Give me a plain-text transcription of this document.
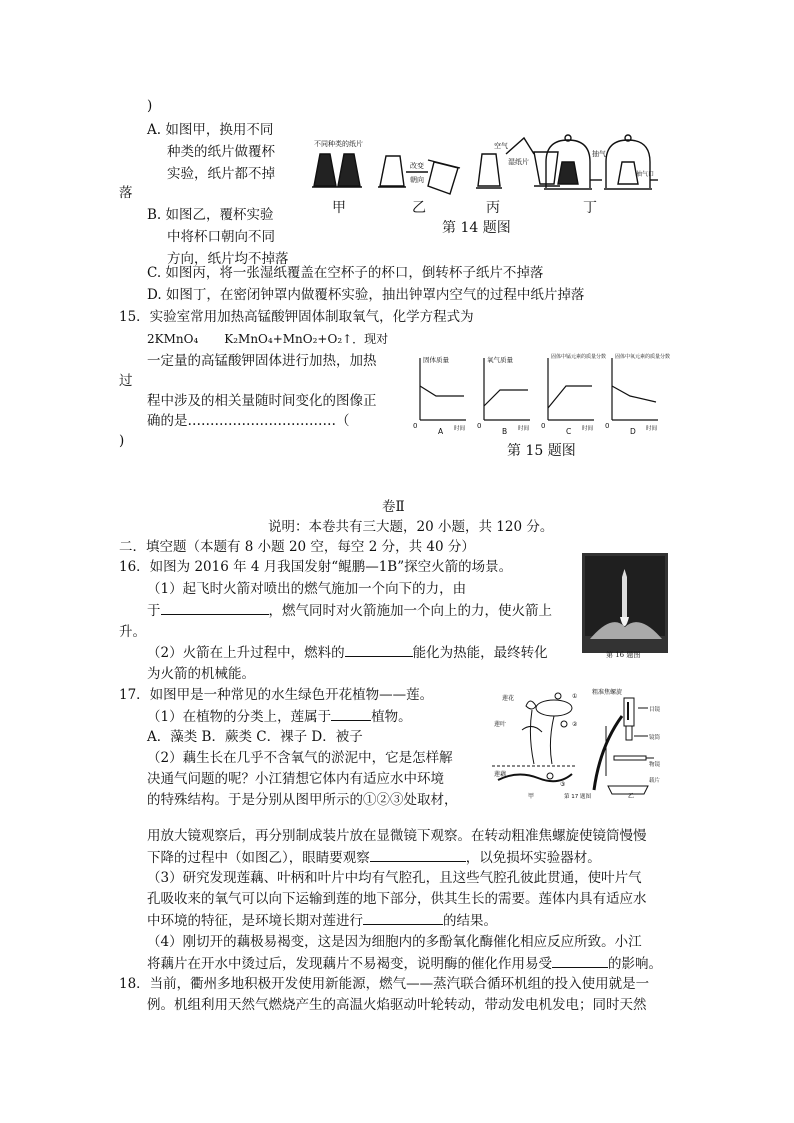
)
A. 如图甲，换用不同
种类的纸片做覆杯
实验，纸片都不掉
落
B. 如图乙，覆杯实验
中将杯口朝向不同
方向，纸片均不掉落
C. 如图丙，将一张湿纸覆盖在空杯子的杯口，倒转杯子纸片不掉落
D. 如图丁，在密闭钟罩内做覆杯实验，抽出钟罩内空气的过程中纸片掉落
不同种类的纸片
改变
朝向
空气
湿纸片
抽气
抽气口
甲	乙	丙	丁
第 14 题图
15．实验室常用加热高锰酸钾固体制取氧气，化学方程式为
2KMnO₄ K₂MnO₄+MnO₂+O₂↑．现对
一定量的高锰酸钾固体进行加热，加热
过
程中涉及的相关量随时间变化的图像正
确的是……………………………（
)
固体质量	氧气质量	固体中锰元素的质量分数 固体中氧元素的质量分数
0	0	0	0
A	B	C	D
时间	时间	时间	时间
第 15 题图
卷Ⅱ
说明：本卷共有三大题，20 小题，共 120 分。
二．填空题（本题有 8 小题 20 空，每空 2 分，共 40 分）
16．如图为 2016 年 4 月我国发射“鲲鹏—1B”探空火箭的场景。
（1）起飞时火箭对喷出的燃气施加一个向下的力，由
于	，燃气同时对火箭施加一个向上的力，使火箭上
升。
（2）火箭在上升过程中，燃料的	能化为热能，最终转化
为火箭的机械能。
第 16 题图
17．如图甲是一种常见的水生绿色开花植物——莲。
（1）在植物的分类上，莲属于	植物。
A．藻类 B．蕨类 C．裸子 D．被子
（2）藕生长在几乎不含氧气的淤泥中，它是怎样解
决通气问题的呢？小江猜想它体内有适应水中环境
的特殊结构。于是分别从图甲所示的①②③处取材，
莲花
莲叶
莲藕
①
②
③
甲
粗准焦螺旋
目镜
镜筒
物镜
载片
乙
第 17 题图
用放大镜观察后，再分别制成装片放在显微镜下观察。在转动粗准焦螺旋使镜筒慢慢
下降的过程中（如图乙），眼睛要观察	，以免损坏实验器材。
（3）研究发现莲藕、叶柄和叶片中均有气腔孔，且这些气腔孔彼此贯通，使叶片气
孔吸收来的氧气可以向下运输到莲的地下部分，供其生长的需要。莲体内具有适应水
中环境的特征，是环境长期对莲进行	的结果。
（4）刚切开的藕极易褐变，这是因为细胞内的多酚氧化酶催化相应反应所致。小江
将藕片在开水中烫过后，发现藕片不易褐变，说明酶的催化作用易受	的影响。
18．当前，衢州多地积极开发使用新能源，燃气——蒸汽联合循环机组的投入使用就是一
例。机组利用天然气燃烧产生的高温火焰驱动叶轮转动，带动发电机发电；同时天然
